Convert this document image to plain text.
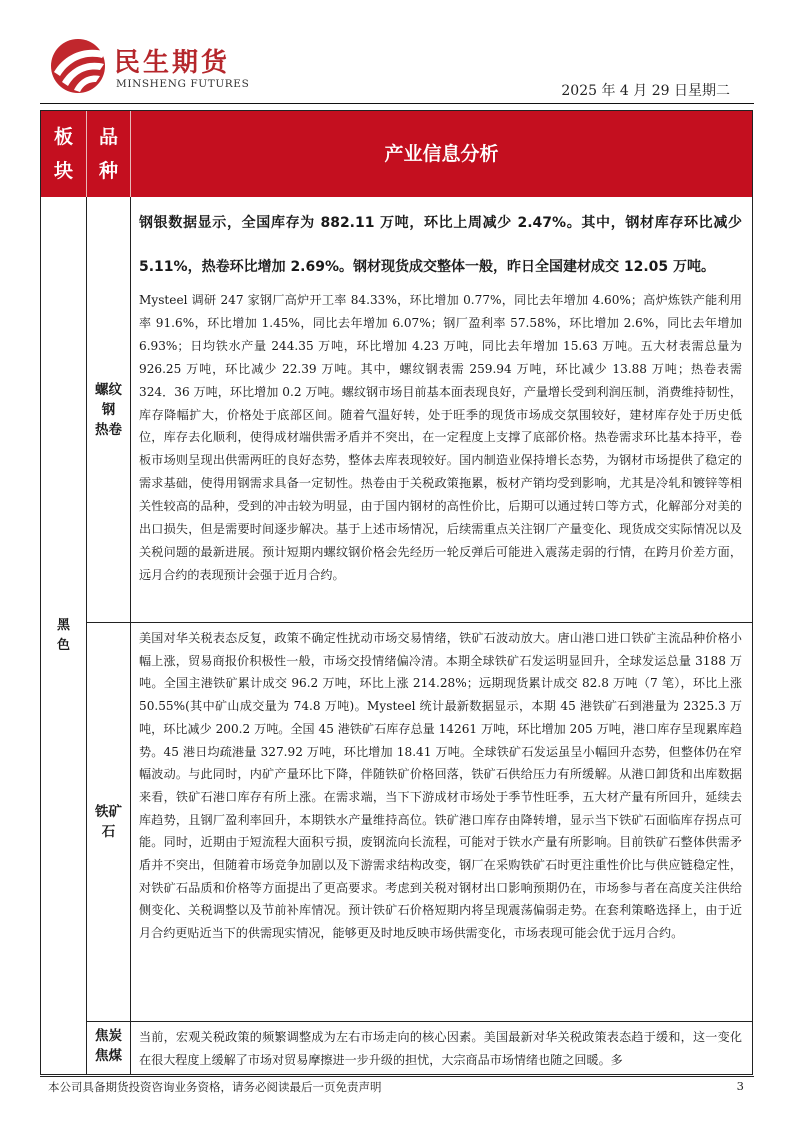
民生期货
MINSHENG FUTURES	2025 年 4 月 29 日星期二
板
块
品
种
产业信息分析
黑
色
螺纹
钢
热卷
钢银数据显示，全国库存为 882.11 万吨，环比上周减少 2.47%。其中，钢材库存环比减少 5.11%，热卷环比增加 2.69%。钢材现货成交整体一般，昨日全国建材成交 12.05 万吨。
Mysteel 调研 247 家钢厂高炉开工率 84.33%，环比增加 0.77%，同比去年增加 4.60%；高炉炼铁产能利用率 91.6%，环比增加 1.45%，同比去年增加 6.07%；钢厂盈利率 57.58%，环比增加 2.6%，同比去年增加 6.93%；日均铁水产量 244.35 万吨，环比增加 4.23 万吨，同比去年增加 15.63 万吨。五大材表需总量为 926.25 万吨，环比减少 22.39 万吨。其中，螺纹钢表需 259.94 万吨，环比减少 13.88 万吨；热卷表需 324．36 万吨，环比增加 0.2 万吨。螺纹钢市场目前基本面表现良好，产量增长受到利润压制，消费维持韧性，库存降幅扩大，价格处于底部区间。随着气温好转，处于旺季的现货市场成交氛围较好，建材库存处于历史低位，库存去化顺利，使得成材端供需矛盾并不突出，在一定程度上支撑了底部价格。热卷需求环比基本持平，卷板市场则呈现出供需两旺的良好态势，整体去库表现较好。国内制造业保持增长态势，为钢材市场提供了稳定的需求基础，使得用钢需求具备一定韧性。热卷由于关税政策拖累，板材产销均受到影响，尤其是冷轧和镀锌等相关性较高的品种，受到的冲击较为明显，由于国内钢材的高性价比，后期可以通过转口等方式，化解部分对美的出口损失，但是需要时间逐步解决。基于上述市场情况，后续需重点关注钢厂产量变化、现货成交实际情况以及关税问题的最新进展。预计短期内螺纹钢价格会先经历一轮反弹后可能进入震荡走弱的行情，在跨月价差方面，远月合约的表现预计会强于近月合约。
铁矿
石
美国对华关税表态反复，政策不确定性扰动市场交易情绪，铁矿石波动放大。唐山港口进口铁矿主流品种价格小幅上涨，贸易商报价积极性一般，市场交投情绪偏冷清。本期全球铁矿石发运明显回升，全球发运总量 3188 万吨。全国主港铁矿累计成交 96.2 万吨，环比上涨 214.28%；远期现货累计成交 82.8 万吨（7 笔），环比上涨 50.55%(其中矿山成交量为 74.8 万吨)。Mysteel 统计最新数据显示，本期 45 港铁矿石到港量为 2325.3 万吨，环比减少 200.2 万吨。全国 45 港铁矿石库存总量 14261 万吨，环比增加 205 万吨，港口库存呈现累库趋势。45 港日均疏港量 327.92 万吨，环比增加 18.41 万吨。全球铁矿石发运虽呈小幅回升态势，但整体仍在窄幅波动。与此同时，内矿产量环比下降，伴随铁矿价格回落，铁矿石供给压力有所缓解。从港口卸货和出库数据来看，铁矿石港口库存有所上涨。在需求端，当下下游成材市场处于季节性旺季，五大材产量有所回升，延续去库趋势，且钢厂盈利率回升，本期铁水产量维持高位。铁矿港口库存由降转增，显示当下铁矿石面临库存拐点可能。同时，近期由于短流程大面积亏损，废钢流向长流程，可能对于铁水产量有所影响。目前铁矿石整体供需矛盾并不突出，但随着市场竞争加剧以及下游需求结构改变，钢厂在采购铁矿石时更注重性价比与供应链稳定性，对铁矿石品质和价格等方面提出了更高要求。考虑到关税对钢材出口影响预期仍在，市场参与者在高度关注供给侧变化、关税调整以及节前补库情况。预计铁矿石价格短期内将呈现震荡偏弱走势。在套利策略选择上，由于近月合约更贴近当下的供需现实情况，能够更及时地反映市场供需变化，市场表现可能会优于远月合约。
焦炭
焦煤
当前，宏观关税政策的频繁调整成为左右市场走向的核心因素。美国最新对华关税政策表态趋于缓和，这一变化在很大程度上缓解了市场对贸易摩擦进一步升级的担忧，大宗商品市场情绪也随之回暖。多
本公司具备期货投资咨询业务资格，请务必阅读最后一页免责声明	3
